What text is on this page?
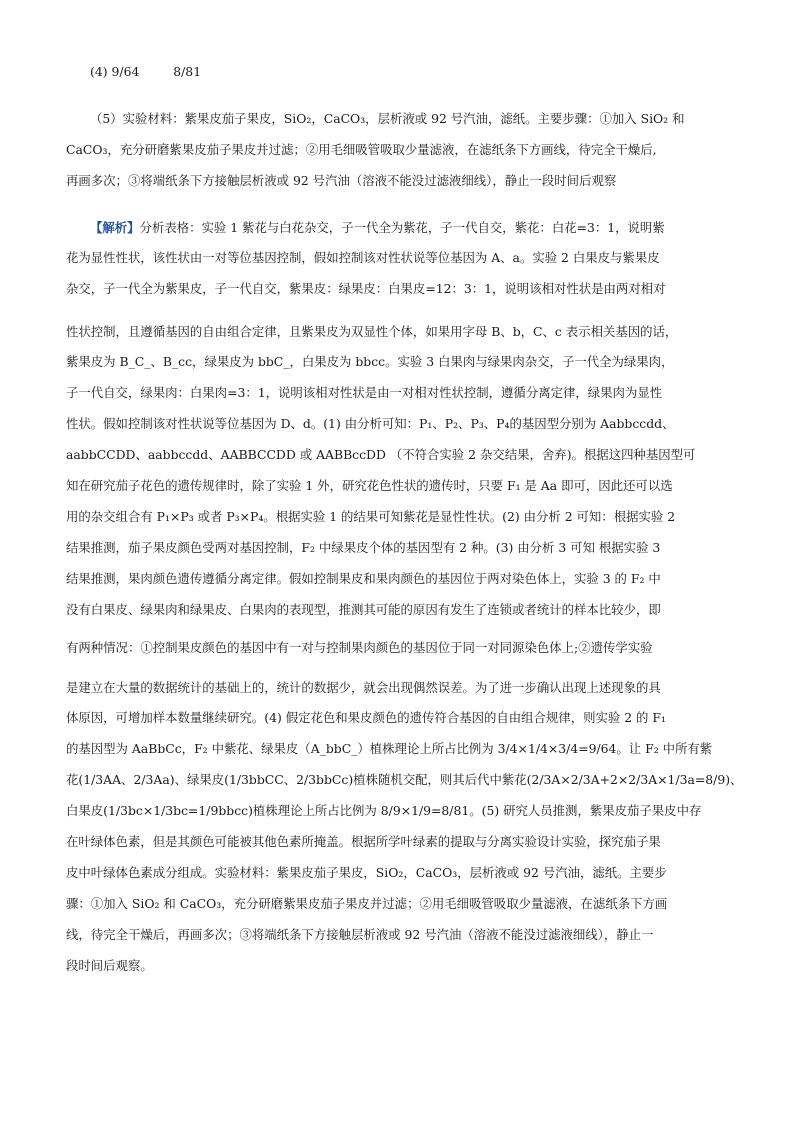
(4) 9/64	8/81
（5）实验材料：紫果皮茄子果皮，SiO₂，CaCO₃，层析液或 92 号汽油，滤纸。主要步骤：①加入 SiO₂ 和
CaCO₃，充分研磨紫果皮茄子果皮并过滤；②用毛细吸管吸取少量滤液，在滤纸条下方画线，待完全干燥后,
再画多次；③将端纸条下方接触层析液或 92 号汽油（溶液不能没过滤液细线），静止一段时间后观察
【解析】分析表格：实验 1 紫花与白花杂交，子一代全为紫花，子一代自交，紫花：白花=3：1，说明紫
花为显性性状，该性状由一对等位基因控制，假如控制该对性状说等位基因为 A、a。实验 2 白果皮与紫果皮
杂交，子一代全为紫果皮，子一代自交，紫果皮：绿果皮：白果皮=12：3：1，说明该相对性状是由两对相对
性状控制，且遵循基因的自由组合定律，且紫果皮为双显性个体，如果用字母 B、b，C、c 表示相关基因的话，
紫果皮为 B_C_、B_cc，绿果皮为 bbC_，白果皮为 bbcc。实验 3 白果肉与绿果肉杂交，子一代全为绿果肉，
子一代自交，绿果肉：白果肉=3：1，说明该相对性状是由一对相对性状控制，遵循分离定律，绿果肉为显性
性状。假如控制该对性状说等位基因为 D、d。(1) 由分析可知：P₁、P₂、P₃、P₄的基因型分别为 Aabbccdd、
aabbCCDD、aabbccdd、AABBCCDD 或 AABBccDD （不符合实验 2 杂交结果，舍弃)。根据这四种基因型可
知在研究茄子花色的遗传规律时，除了实验 1 外，研究花色性状的遗传时，只要 F₁ 是 Aa 即可，因此还可以选
用的杂交组合有 P₁×P₃ 或者 P₃×P₄。根据实验 1 的结果可知紫花是显性性状。(2) 由分析 2 可知：根据实验 2
结果推测，茄子果皮颜色受两对基因控制，F₂ 中绿果皮个体的基因型有 2 种。(3) 由分析 3 可知 根据实验 3
结果推测，果肉颜色遗传遵循分离定律。假如控制果皮和果肉颜色的基因位于两对染色体上，实验 3 的 F₂ 中
没有白果皮、绿果肉和绿果皮、白果肉的表现型，推测其可能的原因有发生了连锁或者统计的样本比较少，即
有两种情况：①控制果皮颜色的基因中有一对与控制果肉颜色的基因位于同一对同源染色体上;②遗传学实验
是建立在大量的数据统计的基础上的，统计的数据少，就会出现偶然误差。为了进一步确认出现上述现象的具
体原因，可增加样本数量继续研究。(4) 假定花色和果皮颜色的遗传符合基因的自由组合规律，则实验 2 的 F₁
的基因型为 AaBbCc，F₂ 中紫花、绿果皮（A_bbC_）植株理论上所占比例为 3/4×1/4×3/4=9/64。让 F₂ 中所有紫
花(1/3AA、2/3Aa)、绿果皮(1/3bbCC、2/3bbCc)植株随机交配，则其后代中紫花(2/3A×2/3A+2×2/3A×1/3a=8/9)、
白果皮(1/3bc×1/3bc=1/9bbcc)植株理论上所占比例为 8/9×1/9=8/81。(5) 研究人员推测，紫果皮茄子果皮中存
在叶绿体色素，但是其颜色可能被其他色素所掩盖。根据所学叶绿素的提取与分离实验设计实验，探究茄子果
皮中叶绿体色素成分组成。实验材料：紫果皮茄子果皮，SiO₂，CaCO₃，层析液或 92 号汽油，滤纸。主要步
骤：①加入 SiO₂ 和 CaCO₃，充分研磨紫果皮茄子果皮并过滤；②用毛细吸管吸取少量滤液，在滤纸条下方画
线，待完全干燥后，再画多次；③将端纸条下方接触层析液或 92 号汽油（溶液不能没过滤液细线），静止一
段时间后观察。
